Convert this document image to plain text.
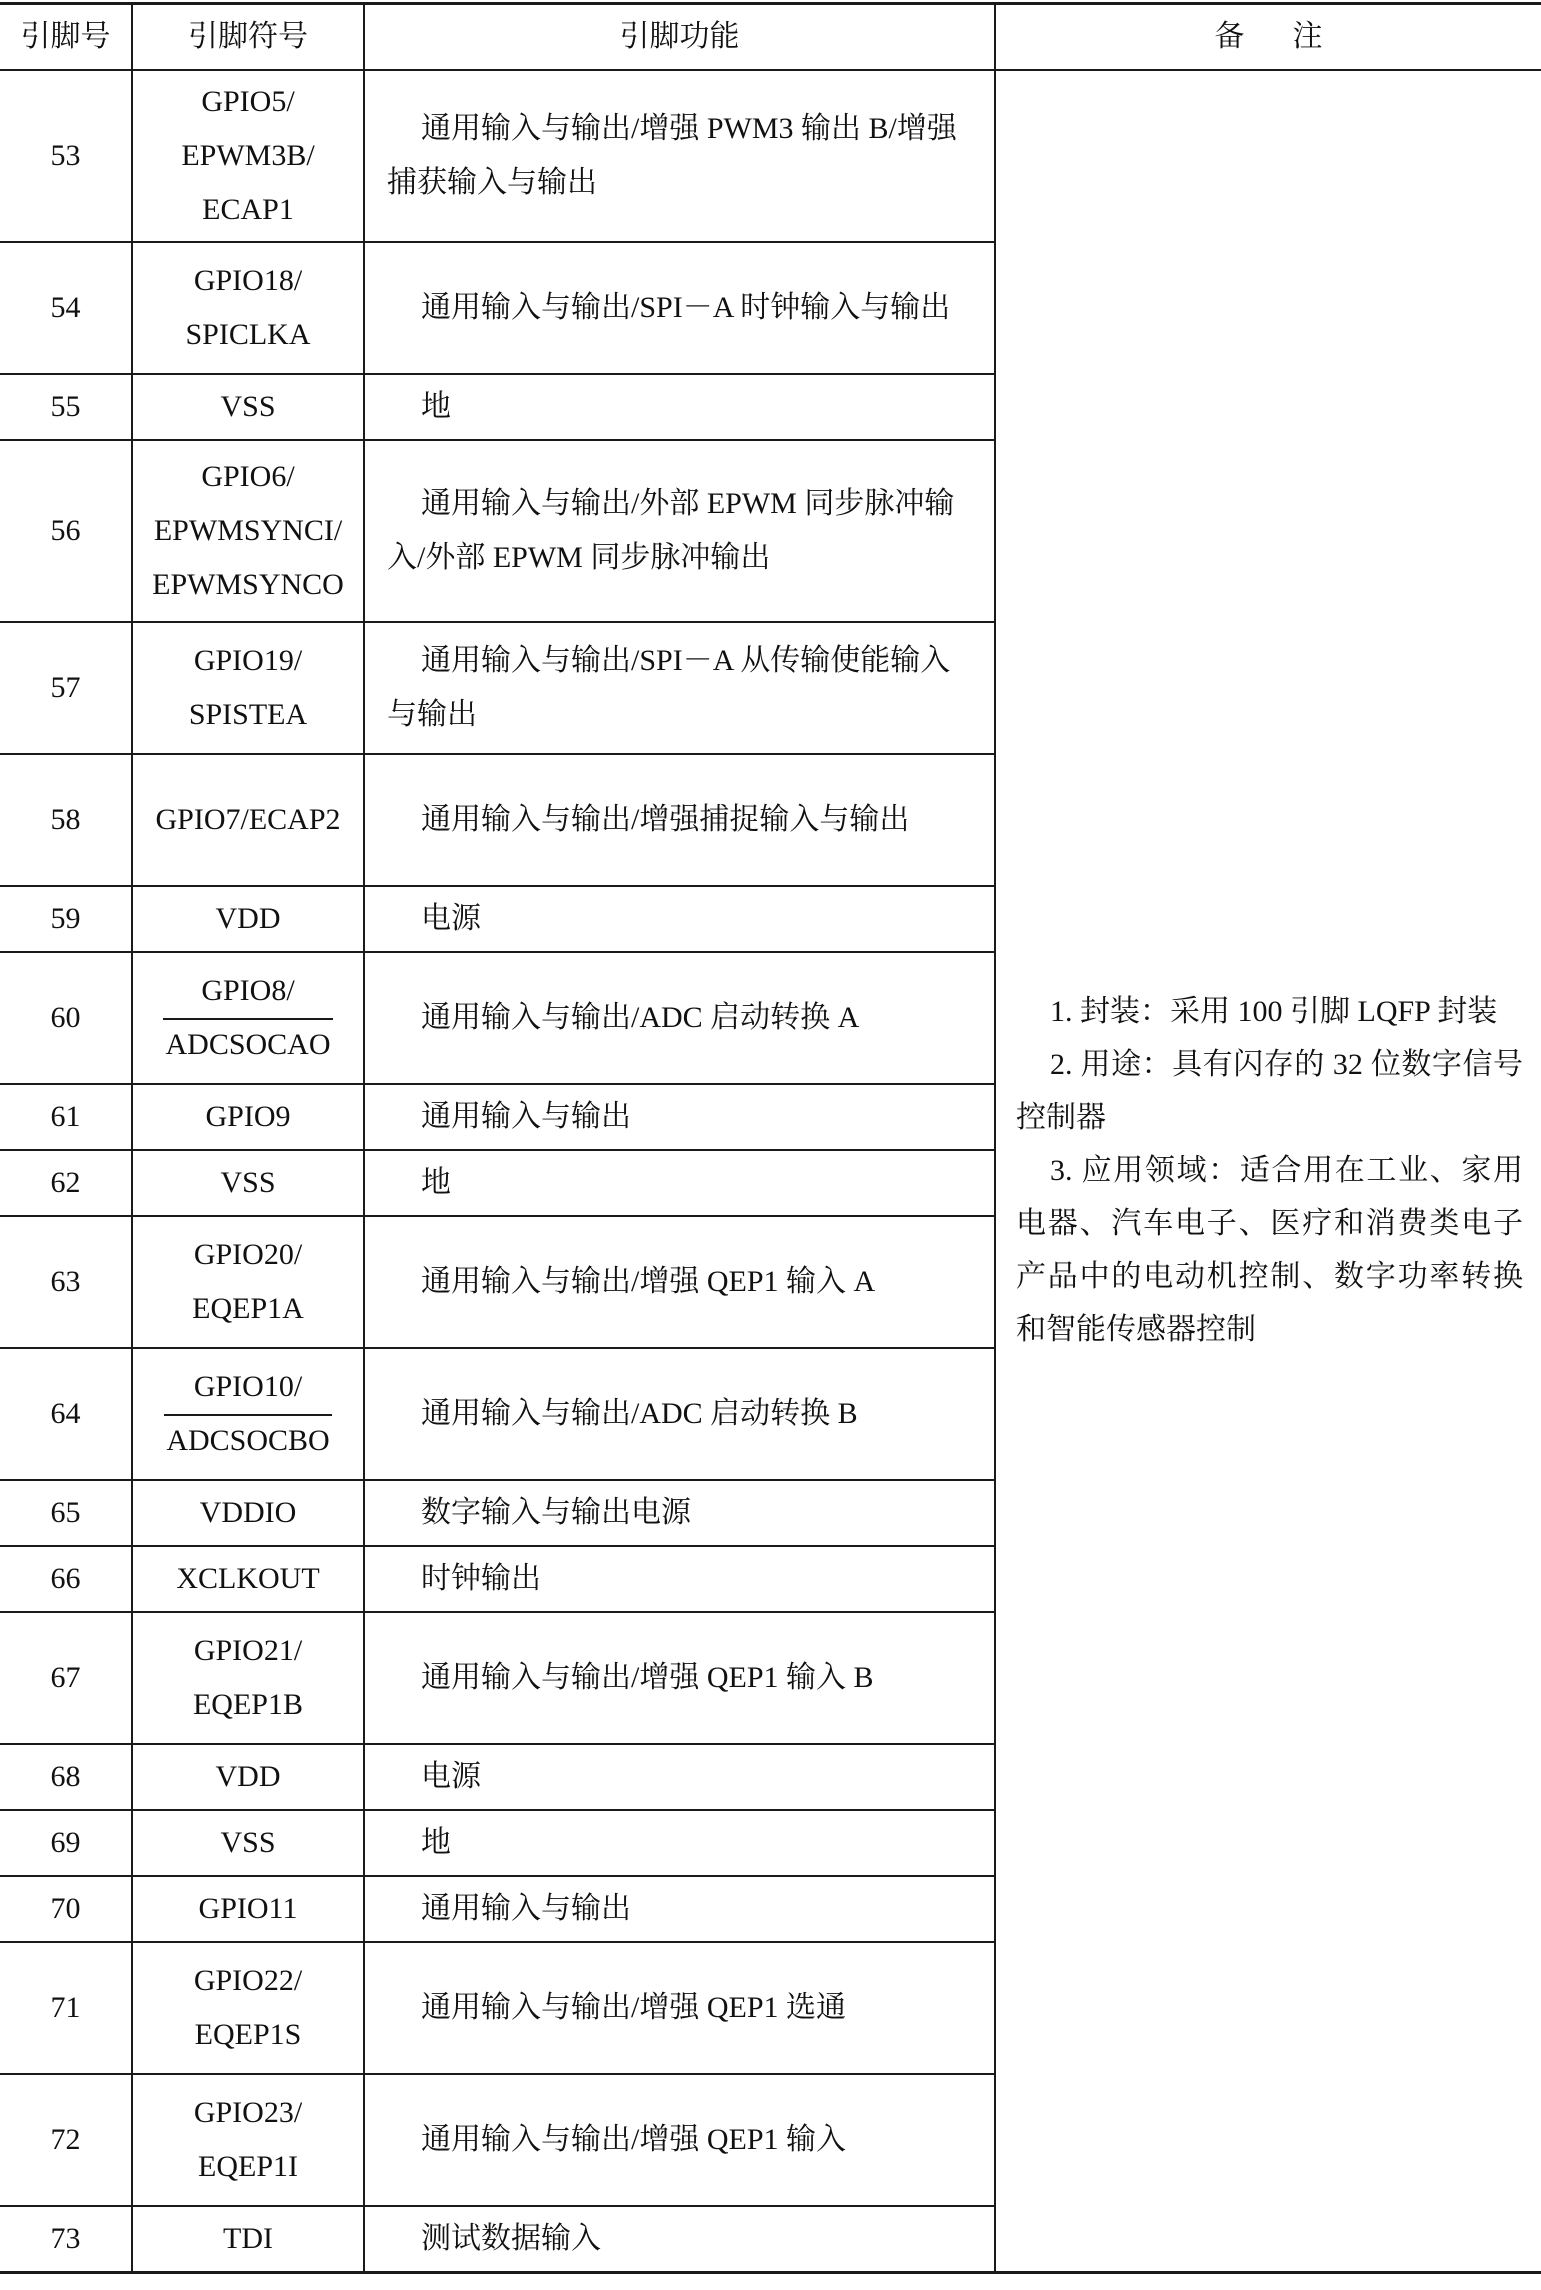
引脚号	引脚符号	引脚功能	备注
53	GPIO5/
EPWM3B/
ECAP1	通用输入与输出/增强 PWM3 输出 B/增强捕获输入与输出	1. 封装：采用 100 引脚 LQFP 封装
2. 用途：具有闪存的 32 位数字信号控制器
3. 应用领域：适合用在工业、家用电器、汽车电子、医疗和消费类电子产品中的电动机控制、数字功率转换和智能传感器控制

54	GPIO18/
SPICLKA	通用输入与输出/SPI－A 时钟输入与输出	
55	VSS	地	
56	GPIO6/
EPWMSYNCI/
EPWMSYNCO	通用输入与输出/外部 EPWM 同步脉冲输入/外部 EPWM 同步脉冲输出	
57	GPIO19/
SPISTEA	通用输入与输出/SPI－A 从传输使能输入与输出	
58	GPIO7/ECAP2	通用输入与输出/增强捕捉输入与输出	
59	VDD	电源	
60	GPIO8/
ADCSOCAO	通用输入与输出/ADC 启动转换 A	
61	GPIO9	通用输入与输出	
62	VSS	地	
63	GPIO20/
EQEP1A	通用输入与输出/增强 QEP1 输入 A	
64	GPIO10/
ADCSOCBO	通用输入与输出/ADC 启动转换 B	
65	VDDIO	数字输入与输出电源	
66	XCLKOUT	时钟输出	
67	GPIO21/
EQEP1B	通用输入与输出/增强 QEP1 输入 B	
68	VDD	电源	
69	VSS	地	
70	GPIO11	通用输入与输出	
71	GPIO22/
EQEP1S	通用输入与输出/增强 QEP1 选通	
72	GPIO23/
EQEP1I	通用输入与输出/增强 QEP1 输入	
73	TDI	测试数据输入	
